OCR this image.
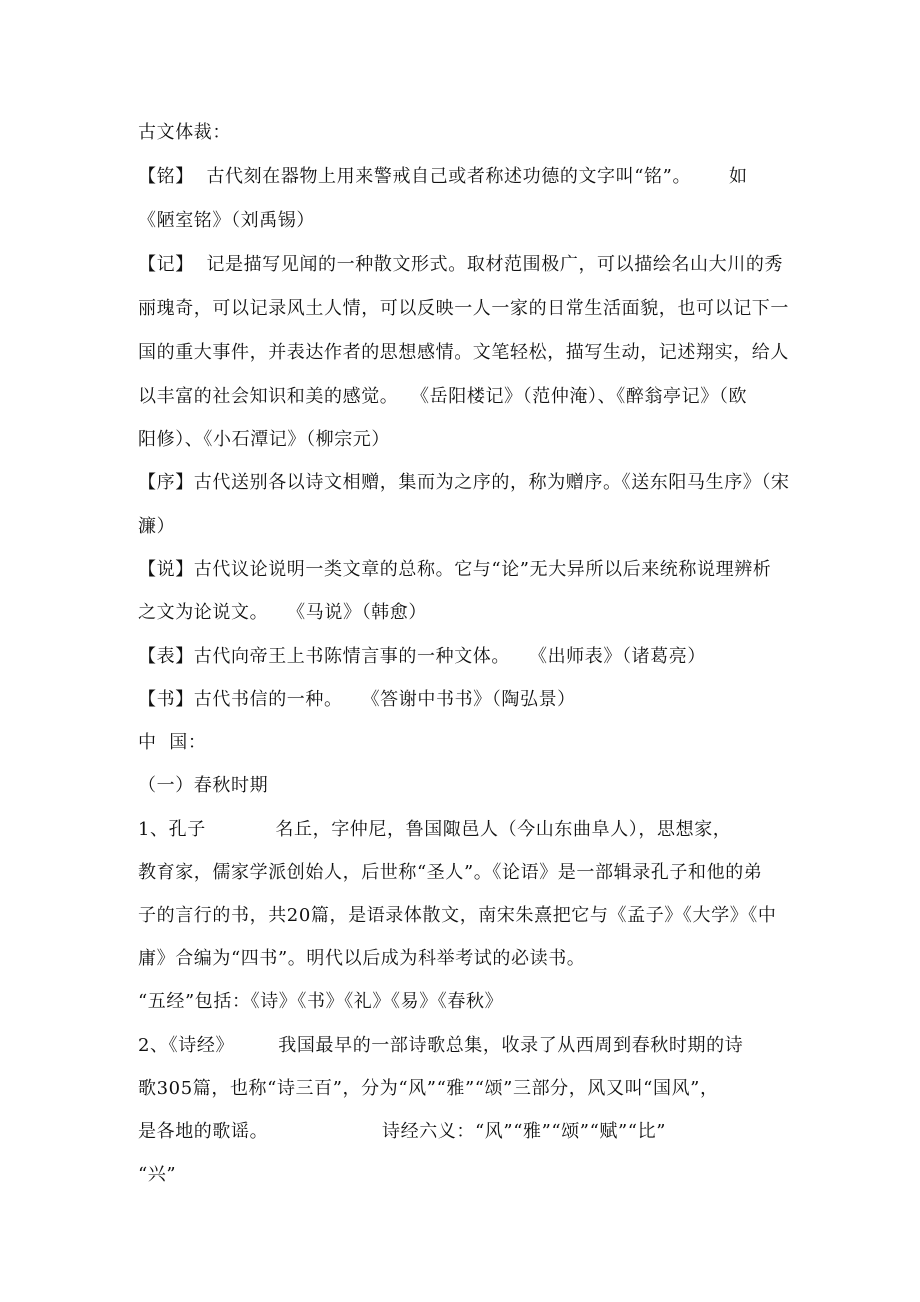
古文体裁：
【铭】  古代刻在器物上用来警戒自己或者称述功德的文字叫“铭”。      如
《陋室铭》（刘禹锡）
【记】  记是描写见闻的一种散文形式。取材范围极广，可以描绘名山大川的秀
丽瑰奇，可以记录风土人情，可以反映一人一家的日常生活面貌，也可以记下一
国的重大事件，并表达作者的思想感情。文笔轻松，描写生动，记述翔实，给人
以丰富的社会知识和美的感觉。  《岳阳楼记》（范仲淹）、《醉翁亭记》（欧
阳修）、《小石潭记》（柳宗元）
【序】古代送别各以诗文相赠，集而为之序的，称为赠序。《送东阳马生序》（宋
濂）
【说】古代议论说明一类文章的总称。它与“论”无大异所以后来统称说理辨析
之文为论说文。   《马说》（韩愈）
【表】古代向帝王上书陈情言事的一种文体。   《出师表》（诸葛亮）
【书】古代书信的一种。   《答谢中书书》（陶弘景）
中  国：
（一）春秋时期
1、孔子           名丘，字仲尼，鲁国陬邑人（今山东曲阜人），思想家，
教育家，儒家学派创始人，后世称“圣人”。《论语》是一部辑录孔子和他的弟
子的言行的书，共20篇，是语录体散文，南宋朱熹把它与《孟子》《大学》《中
庸》合编为“四书”。明代以后成为科举考试的必读书。
“五经”包括：《诗》《书》《礼》《易》《春秋》
2、《诗经》       我国最早的一部诗歌总集，收录了从西周到春秋时期的诗
歌305篇，也称“诗三百”，分为“风”“雅”“颂”三部分，风又叫“国风”，
是各地的歌谣。                  诗经六义：“风”“雅”“颂”“赋”“比”
“兴”
